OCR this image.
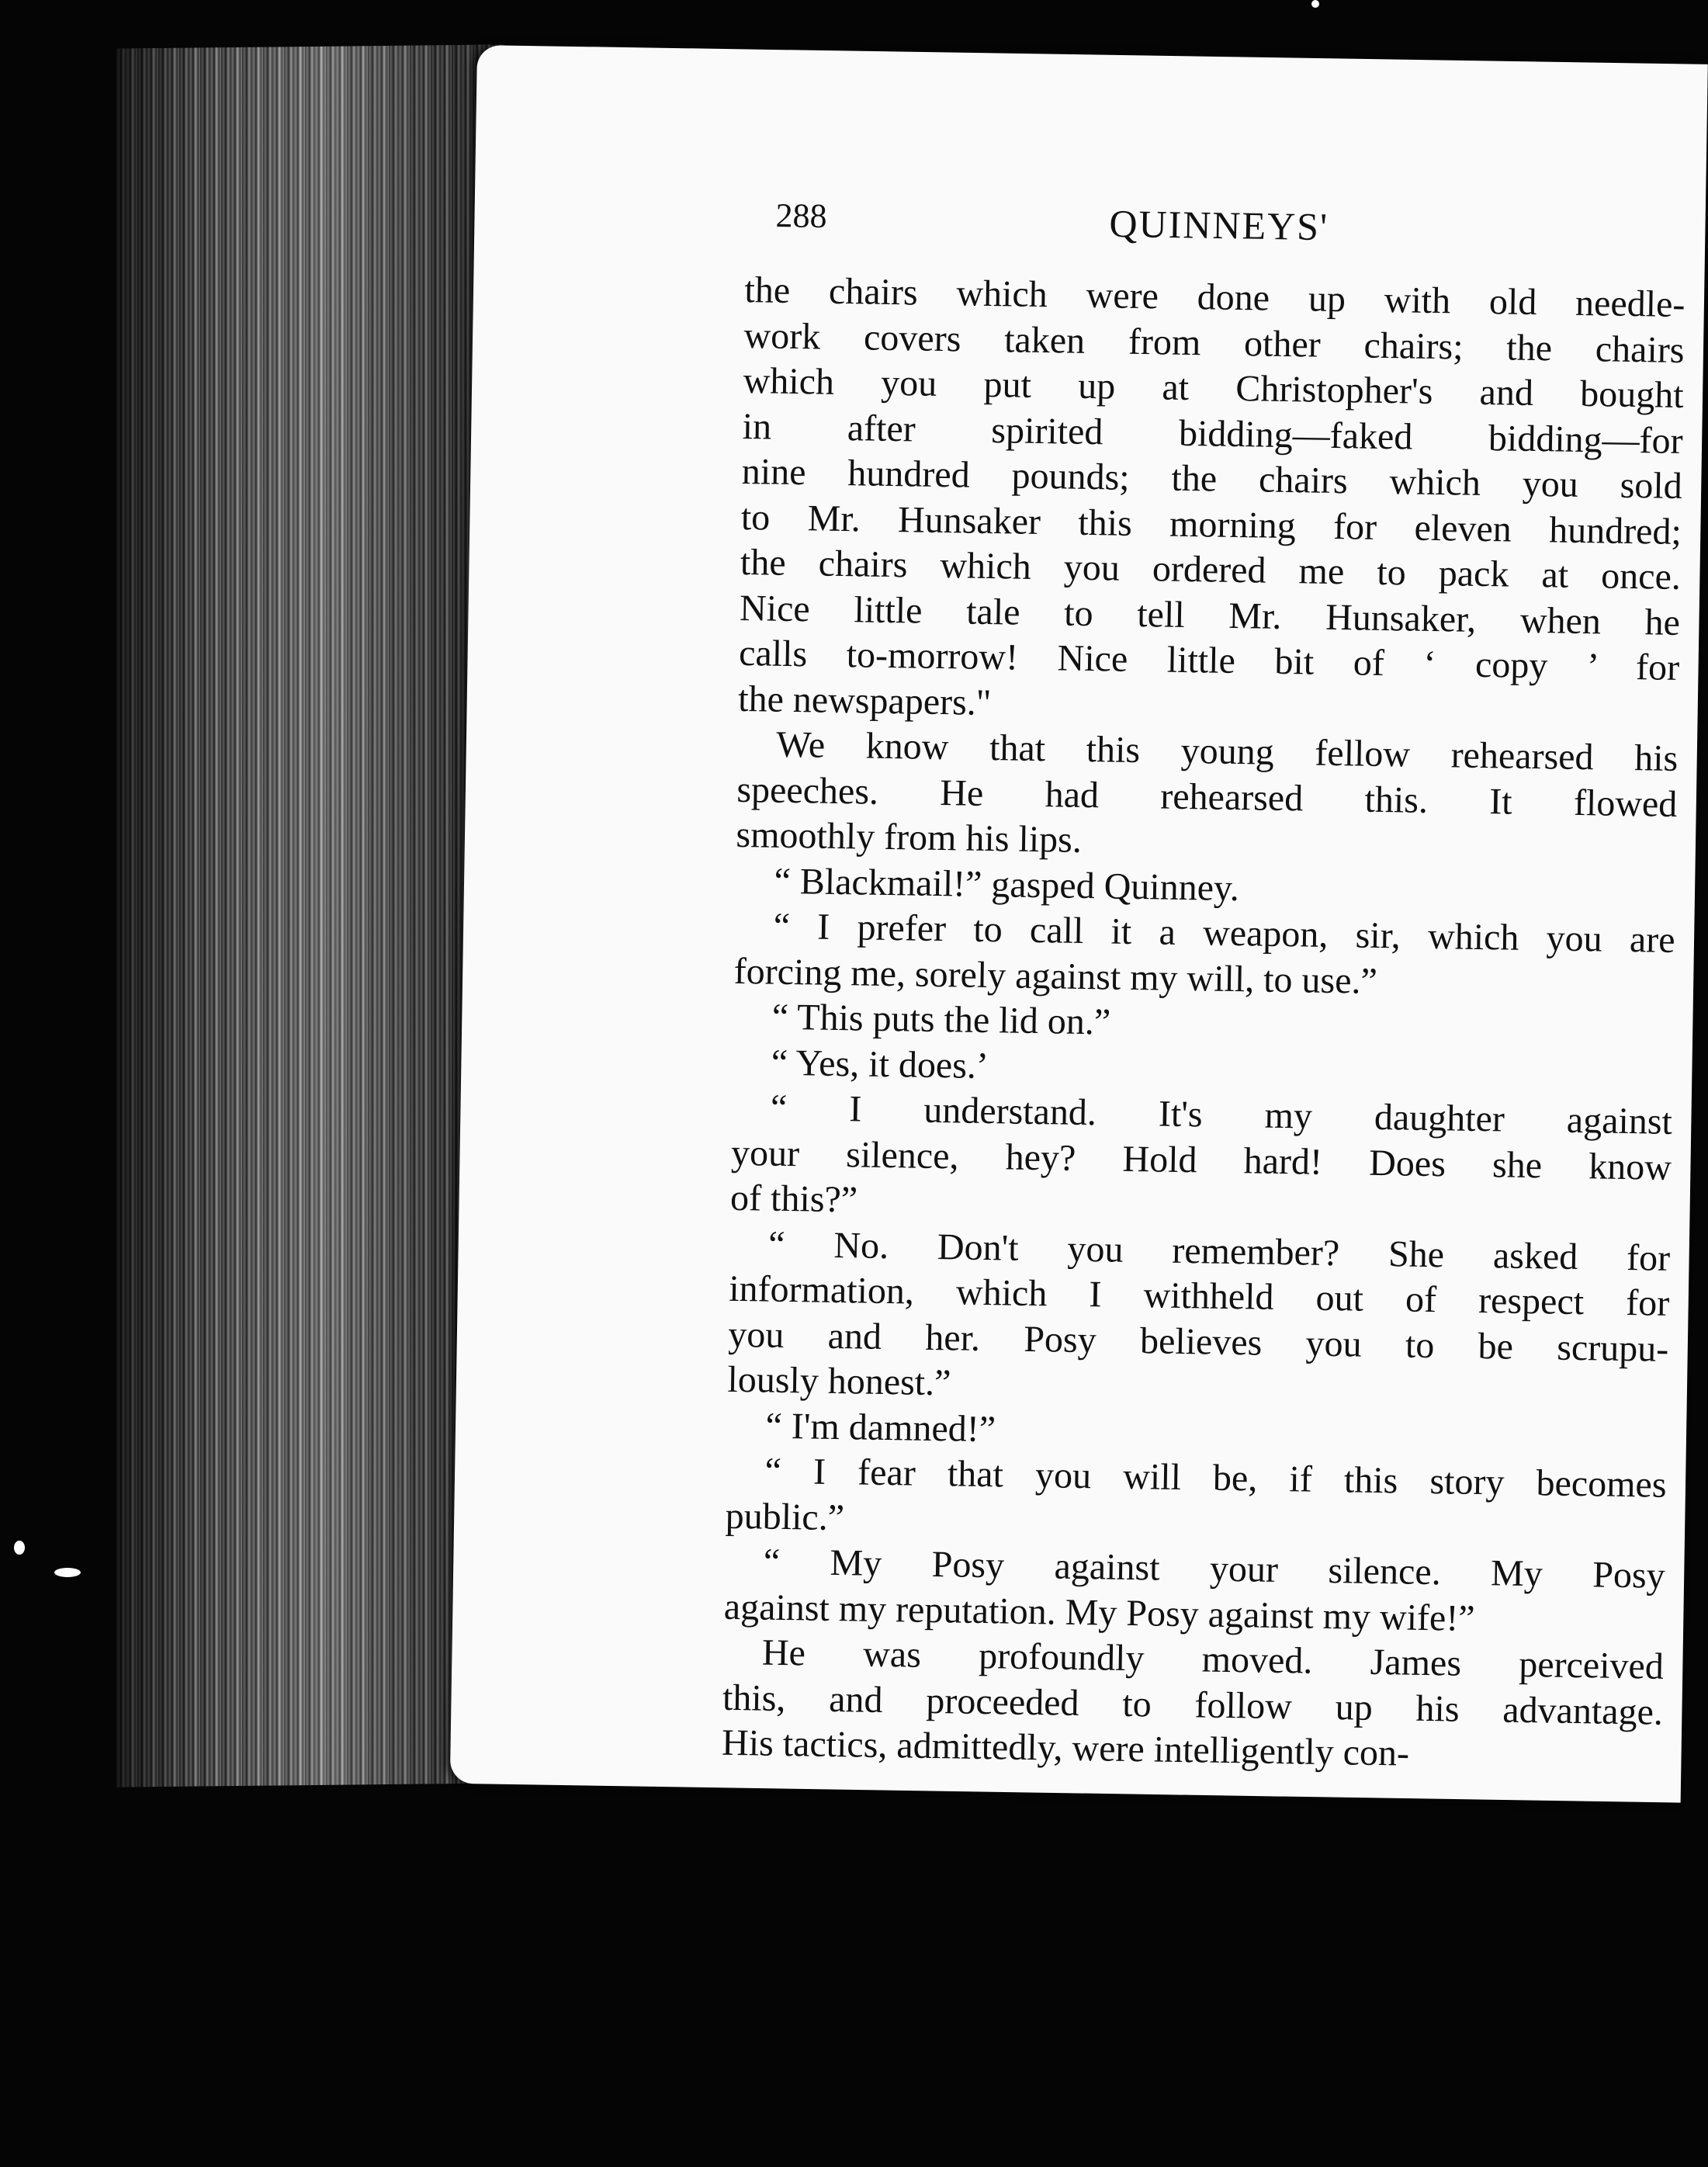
288	QUINNEYS'
the chairs which were done up with old needle-
work covers taken from other chairs; the chairs
which you put up at Christopher's and bought
in after spirited bidding—faked bidding—for
nine hundred pounds; the chairs which you sold
to Mr. Hunsaker this morning for eleven hundred;
the chairs which you ordered me to pack at once.
Nice little tale to tell Mr. Hunsaker, when he
calls to-morrow! Nice little bit of ‘ copy ’ for
the newspapers."
We know that this young fellow rehearsed his
speeches. He had rehearsed this. It flowed
smoothly from his lips.
“ Blackmail!” gasped Quinney.
“ I prefer to call it a weapon, sir, which you are
forcing me, sorely against my will, to use.”
“ This puts the lid on.”
“ Yes, it does.’
“ I understand. It's my daughter against
your silence, hey? Hold hard! Does she know
of this?”
“ No. Don't you remember? She asked for
information, which I withheld out of respect for
you and her. Posy believes you to be scrupu-
lously honest.”
“ I'm damned!”
“ I fear that you will be, if this story becomes
public.”
“ My Posy against your silence. My Posy
against my reputation. My Posy against my wife!”
He was profoundly moved. James perceived
this, and proceeded to follow up his advantage.
His tactics, admittedly, were intelligently con-
